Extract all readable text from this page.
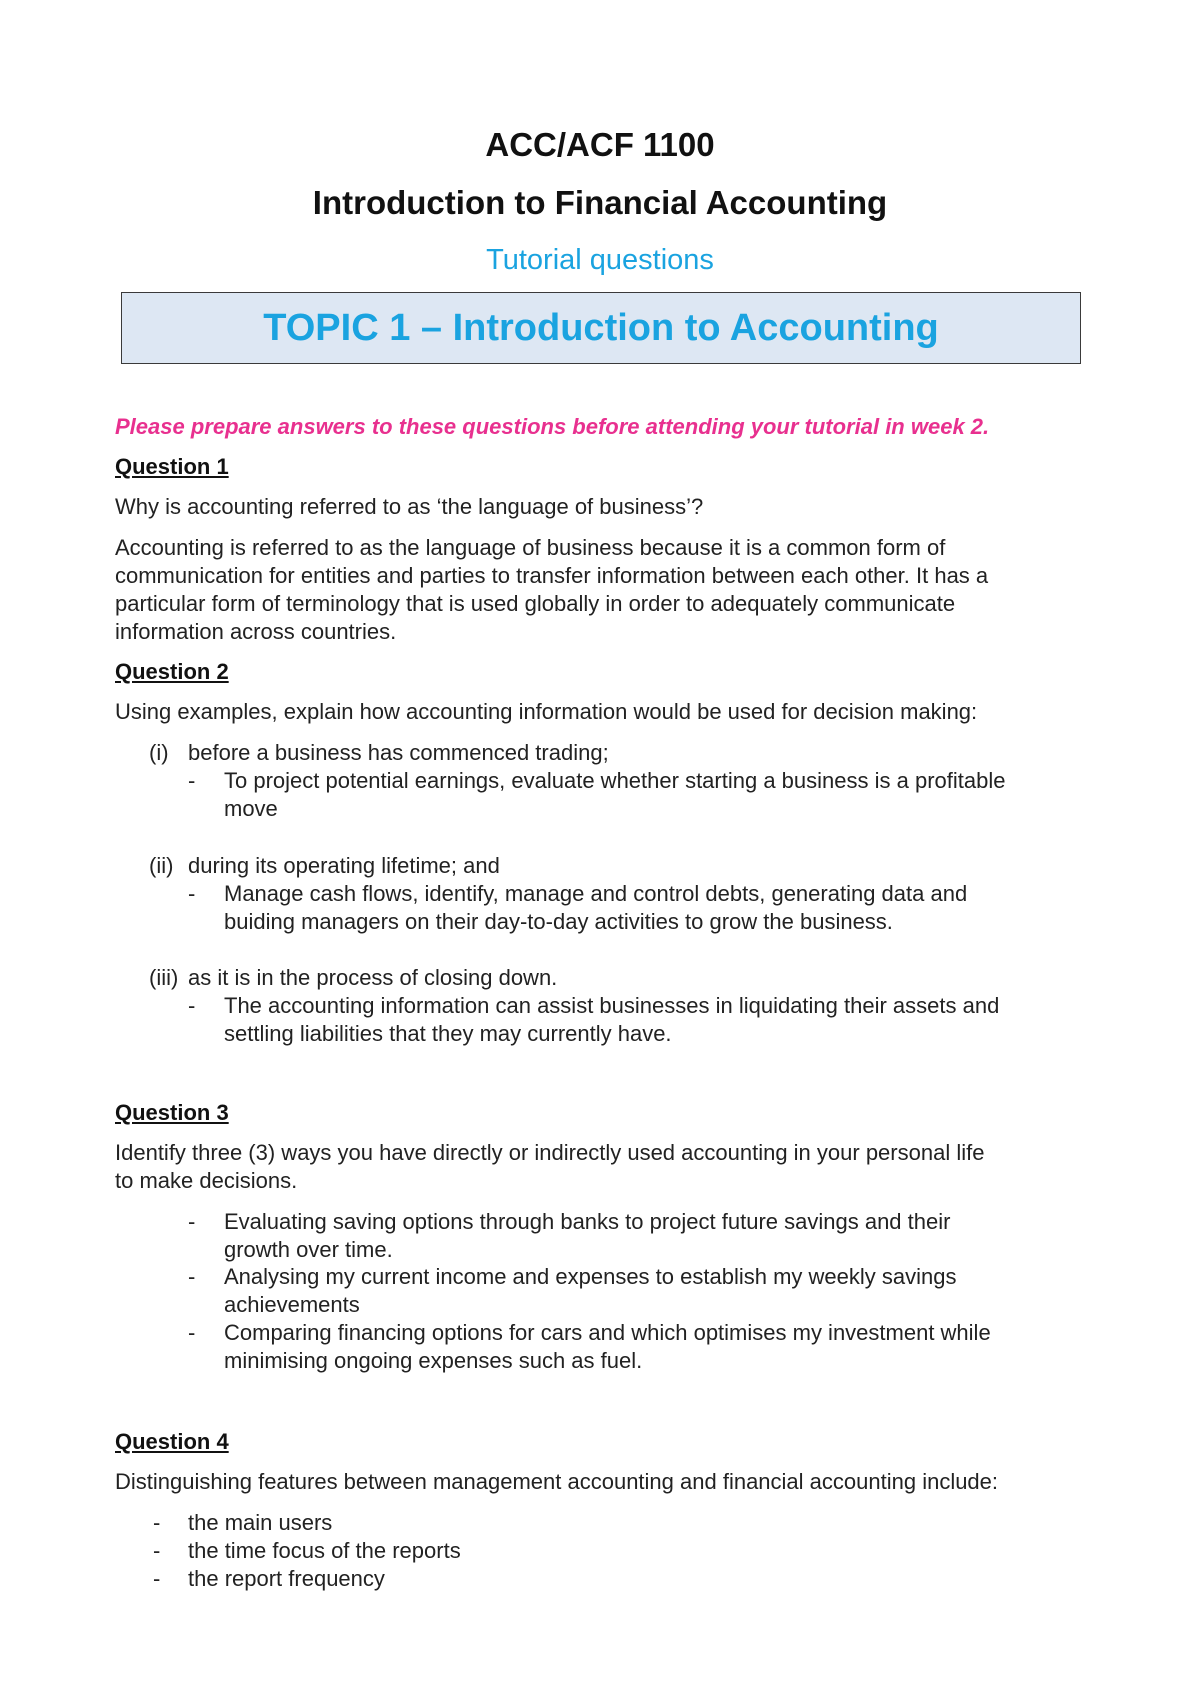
ACC/ACF 1100
Introduction to Financial Accounting
Tutorial questions
TOPIC 1 – Introduction to Accounting
Please prepare answers to these questions before attending your tutorial in week 2.
Question 1
Why is accounting referred to as ‘the language of business’?
Accounting is referred to as the language of business because it is a common form of
communication for entities and parties to transfer information between each other. It has a
particular form of terminology that is used globally in order to adequately communicate
information across countries.
Question 2
Using examples, explain how accounting information would be used for decision making:
(i) before a business has commenced trading;
-	To project potential earnings, evaluate whether starting a business is a profitable
move
(ii) during its operating lifetime; and
-	Manage cash flows, identify, manage and control debts, generating data and
buiding managers on their day-to-day activities to grow the business.
(iii) as it is in the process of closing down.
-	The accounting information can assist businesses in liquidating their assets and
settling liabilities that they may currently have.
Question 3
Identify three (3) ways you have directly or indirectly used accounting in your personal life
to make decisions.
-	Evaluating saving options through banks to project future savings and their
growth over time.
-	Analysing my current income and expenses to establish my weekly savings
achievements
-	Comparing financing options for cars and which optimises my investment while
minimising ongoing expenses such as fuel.
Question 4
Distinguishing features between management accounting and financial accounting include:
-	the main users
-	the time focus of the reports
-	the report frequency
